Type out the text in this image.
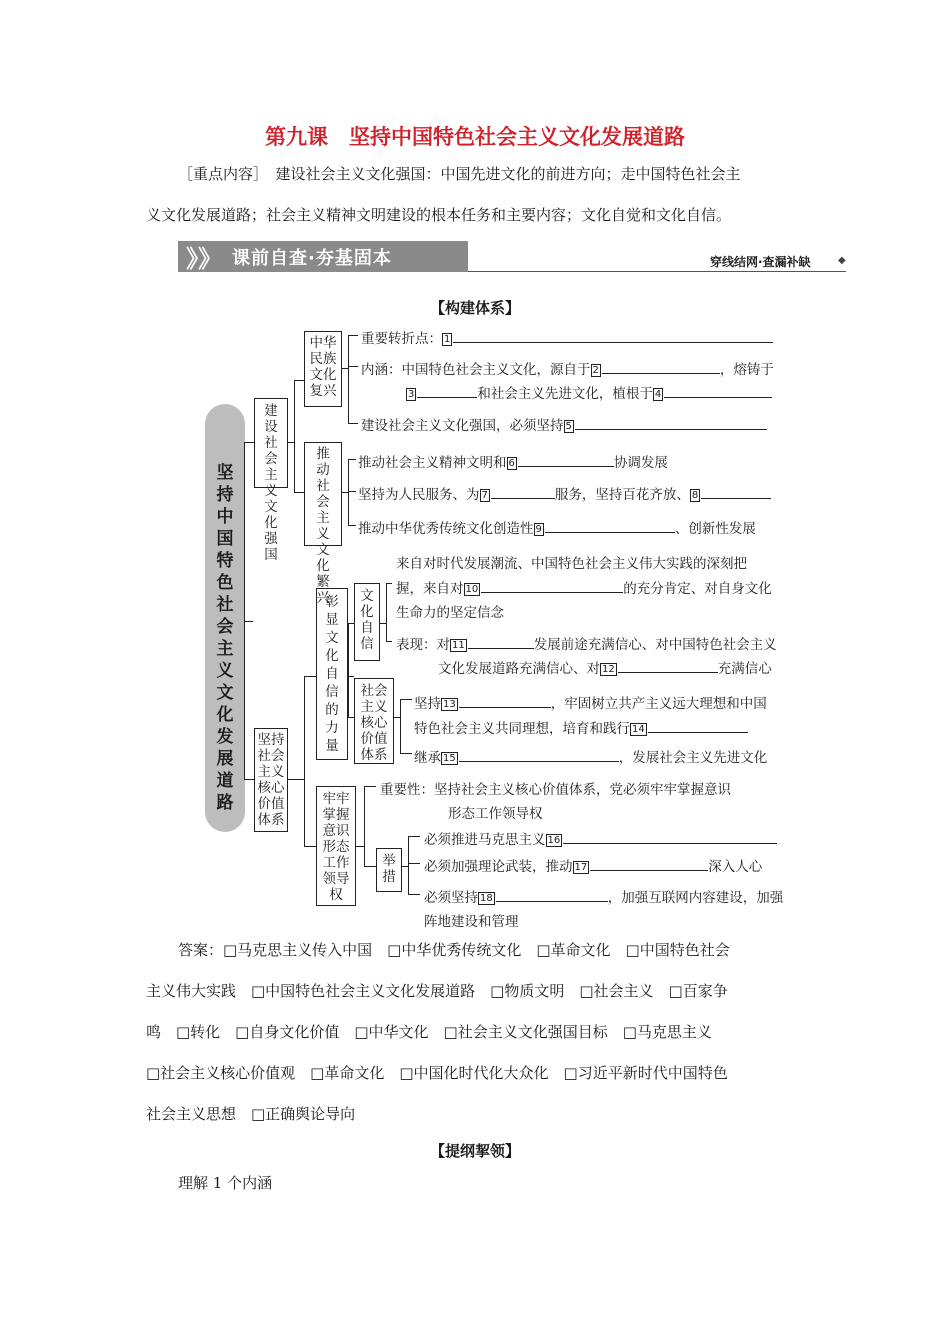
第九课　坚持中国特色社会主义文化发展道路
［重点内容］　建设社会主义文化强国：中国先进文化的前进方向；走中国特色社会主
义文化发展道路；社会主义精神文明建设的根本任务和主要内容；文化自觉和文化自信。
》》 课前自查·夯基固本	穿线结网·查漏补缺	◆
【构建体系】
坚持中国特色社会主义文化发展道路
建设社会主义文化强国
中华民族文化复兴
重要转折点： 1
内涵：中国特色社会主义文化，源自于 2	，熔铸于
3	和社会主义先进文化，植根于 4
建设社会主义文化强国，必须坚持 5
推动社会主义文化繁兴
推动社会主义精神文明和 6	协调发展
坚持为人民服务、为 7	服务，坚持百花齐放、 8
推动中华优秀传统文化创造性 9	、创新性发展
坚持社会主义核心价值体系
彰显文化自信的力量
文化自信
来自对时代发展潮流、中国特色社会主义伟大实践的深刻把
握，来自对 10	的充分肯定、对自身文化
生命力的坚定信念
表现：对 11	发展前途充满信心、对中国特色社会主义
文化发展道路充满信心、对 12	充满信心
社会主义核心价值体系
坚持 13	，牢固树立共产主义远大理想和中国
特色社会主义共同理想，培育和践行 14
继承 15	，发展社会主义先进文化
牢牢掌握意识形态工作领导权
重要性：坚持社会主义核心价值体系，党必须牢牢掌握意识
形态工作领导权
举措
必须推进马克思主义 16
必须加强理论武装，推动 17	深入人心
必须坚持 18	，加强互联网内容建设，加强
阵地建设和管理
答案：□马克思主义传入中国　□中华优秀传统文化　□革命文化　□中国特色社会
主义伟大实践　□中国特色社会主义文化发展道路　□物质文明　□社会主义　□百家争
鸣　□转化　□自身文化价值　□中华文化　□社会主义文化强国目标　□马克思主义
□社会主义核心价值观　□革命文化　□中国化时代化大众化　□习近平新时代中国特色
社会主义思想　□正确舆论导向
【提纲挈领】
理解 1 个内涵
